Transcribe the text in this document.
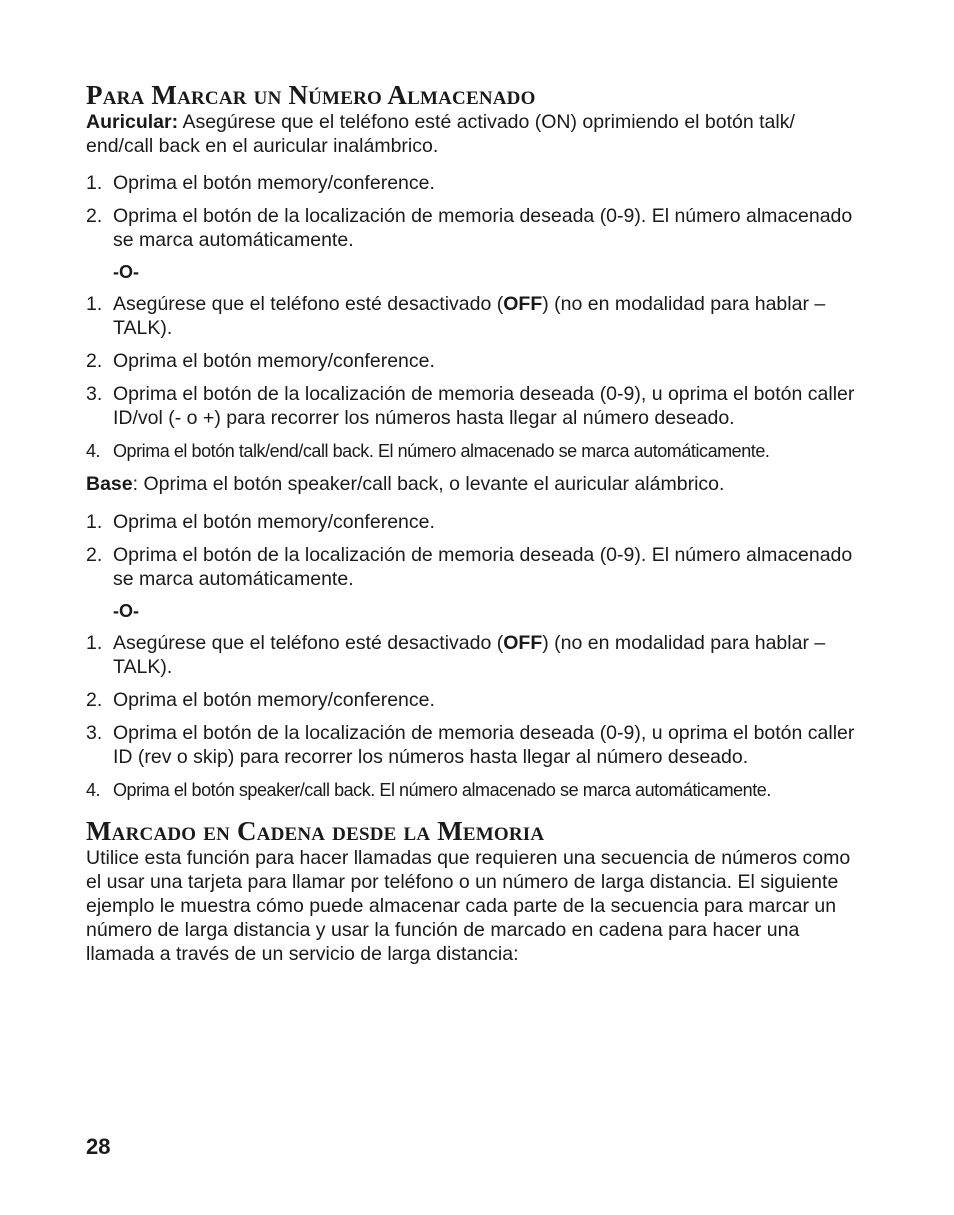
Para Marcar un Número Almacenado

Auricular: Asegúrese que el teléfono esté activado (ON) oprimiendo el botón talk/ end/call back en el auricular inalámbrico.

1. Oprima el botón memory/conference.
2. Oprima el botón de la localización de memoria deseada (0-9). El número almacenado se marca automáticamente.
-O-
1. Asegúrese que el teléfono esté desactivado (OFF) (no en modalidad para hablar –TALK).
2. Oprima el botón memory/conference.
3. Oprima el botón de la localización de memoria deseada (0-9), u oprima el botón caller ID/vol (- o +) para recorrer los números hasta llegar al número deseado.
4. Oprima el botón talk/end/call back. El número almacenado se marca automáticamente.

Base: Oprima el botón speaker/call back, o levante el auricular alámbrico.

1. Oprima el botón memory/conference.
2. Oprima el botón de la localización de memoria deseada (0-9). El número almacenado se marca automáticamente.
-O-
1. Asegúrese que el teléfono esté desactivado (OFF) (no en modalidad para hablar –TALK).
2. Oprima el botón memory/conference.
3. Oprima el botón de la localización de memoria deseada (0-9), u oprima el botón caller ID (rev o skip) para recorrer los números hasta llegar al número deseado.
4. Oprima el botón speaker/call back. El número almacenado se marca automáticamente.
Marcado en Cadena desde la Memoria

Utilice esta función para hacer llamadas que requieren una secuencia de números como el usar una tarjeta para llamar por teléfono o un número de larga distancia. El siguiente ejemplo le muestra cómo puede almacenar cada parte de la secuencia para marcar un número de larga distancia y usar la función de marcado en cadena para hacer una llamada a través de un servicio de larga distancia:

28
